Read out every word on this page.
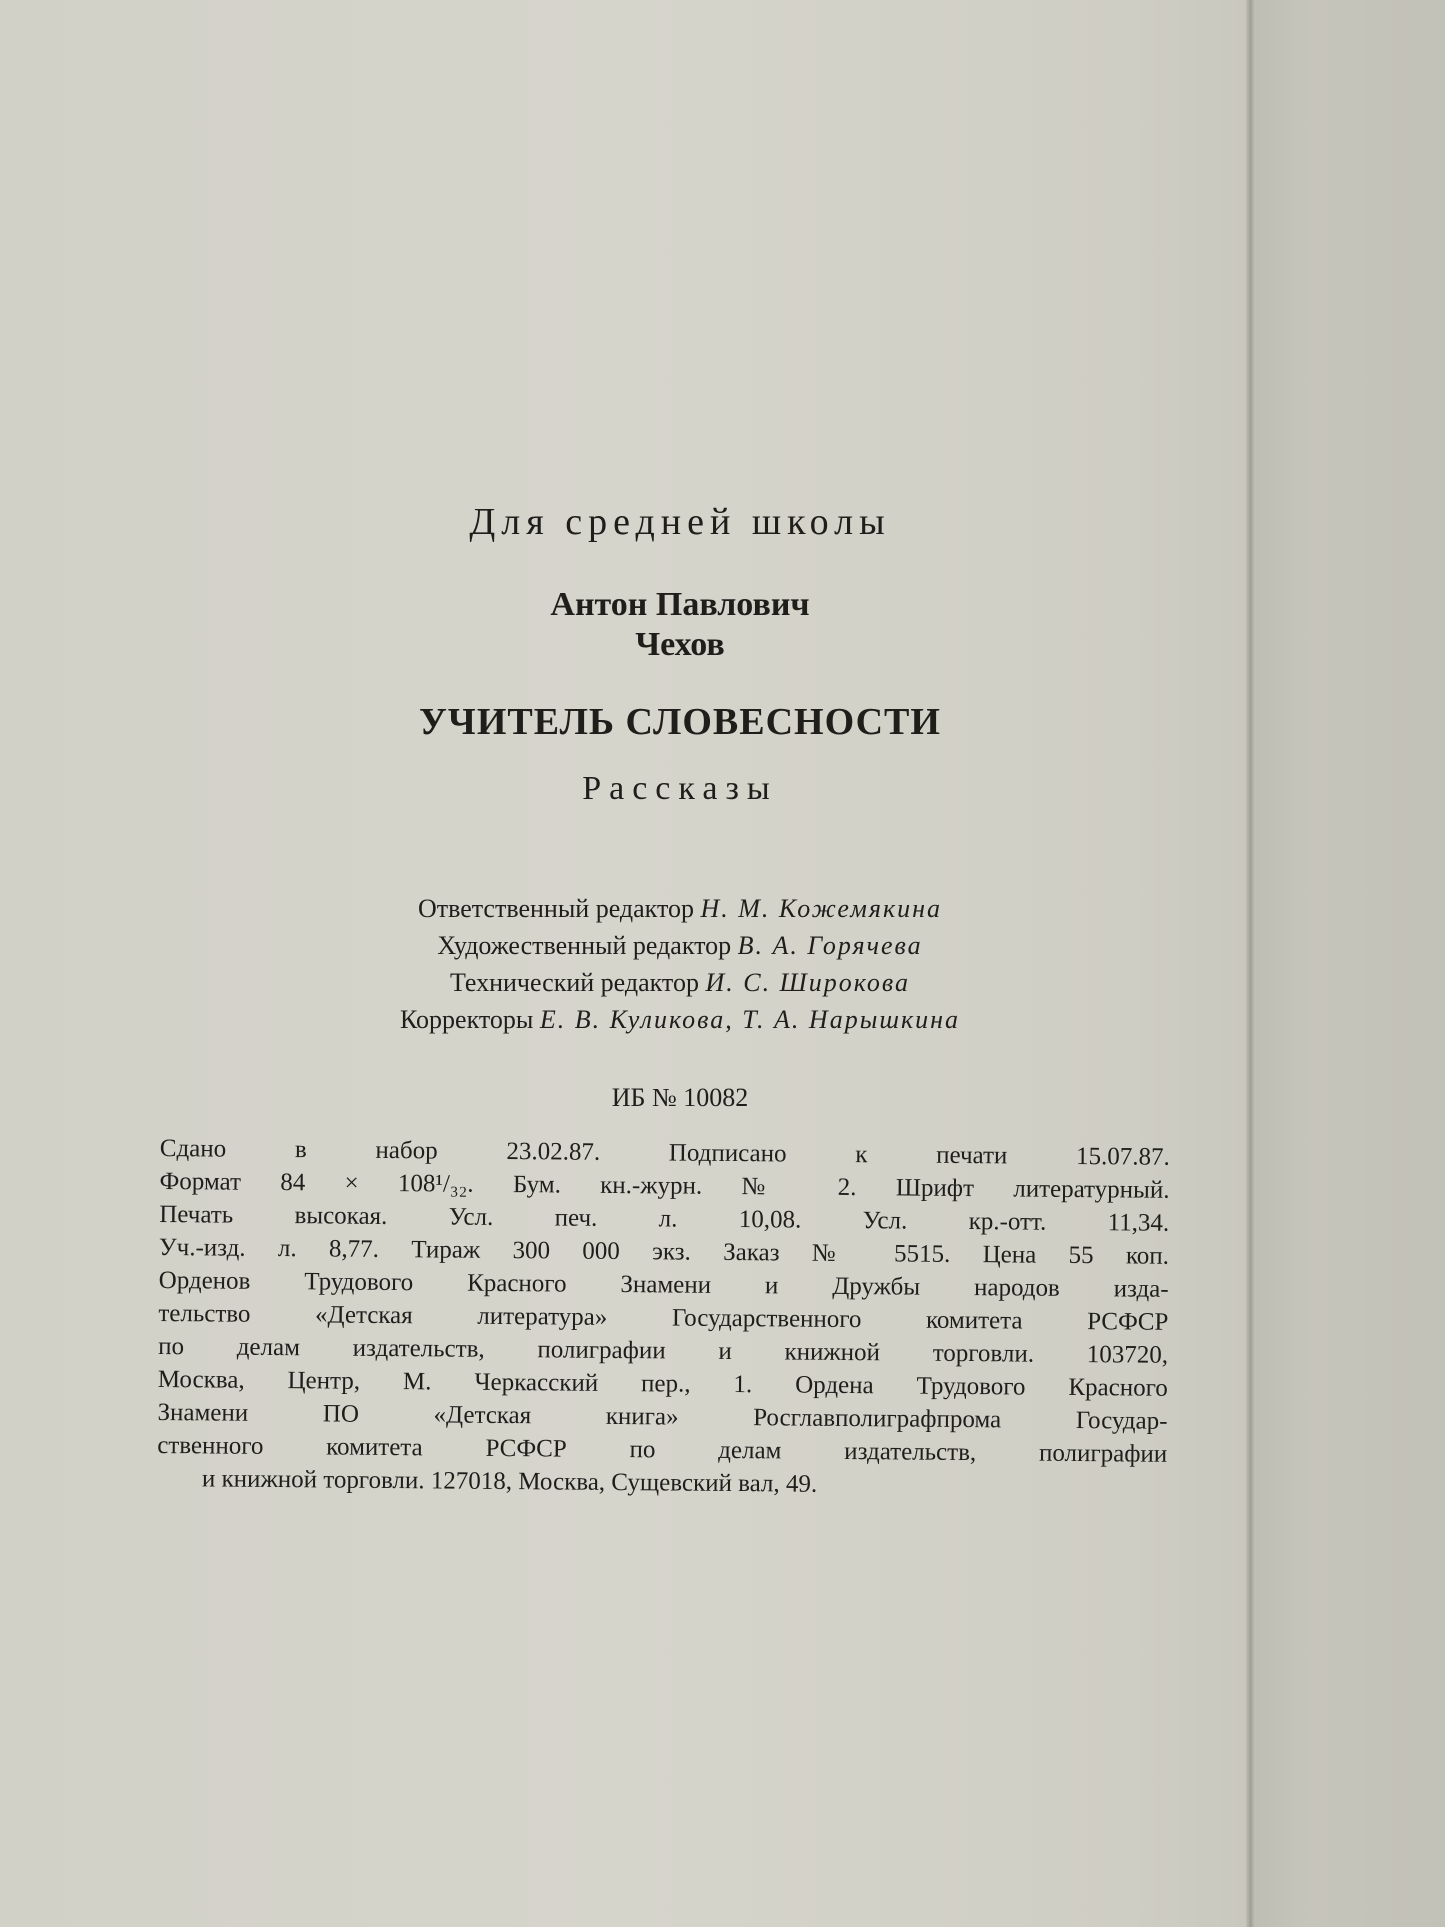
Для средней школы
Антон Павлович
Чехов
УЧИТЕЛЬ СЛОВЕСНОСТИ
Рассказы
Ответственный редактор Н. М. Кожемякина
Художественный редактор В. А. Горячева
Технический редактор И. С. Широкова
Корректоры Е. В. Куликова, Т. А. Нарышкина
ИБ № 10082
Сдано в набор 23.02.87. Подписано к печати 15.07.87.
Формат 84 × 108¹/₃₂. Бум. кн.-журн. № 2. Шрифт литературный.
Печать высокая. Усл. печ. л. 10,08. Усл. кр.-отт. 11,34.
Уч.-изд. л. 8,77. Тираж 300 000 экз. Заказ № 5515. Цена 55 коп.
Орденов Трудового Красного Знамени и Дружбы народов изда-
тельство «Детская литература» Государственного комитета РСФСР
по делам издательств, полиграфии и книжной торговли. 103720,
Москва, Центр, М. Черкасский пер., 1. Ордена Трудового Красного
Знамени ПО «Детская книга» Росглавполиграфпрома Государ-
ственного комитета РСФСР по делам издательств, полиграфии
и книжной торговли. 127018, Москва, Сущевский вал, 49.
